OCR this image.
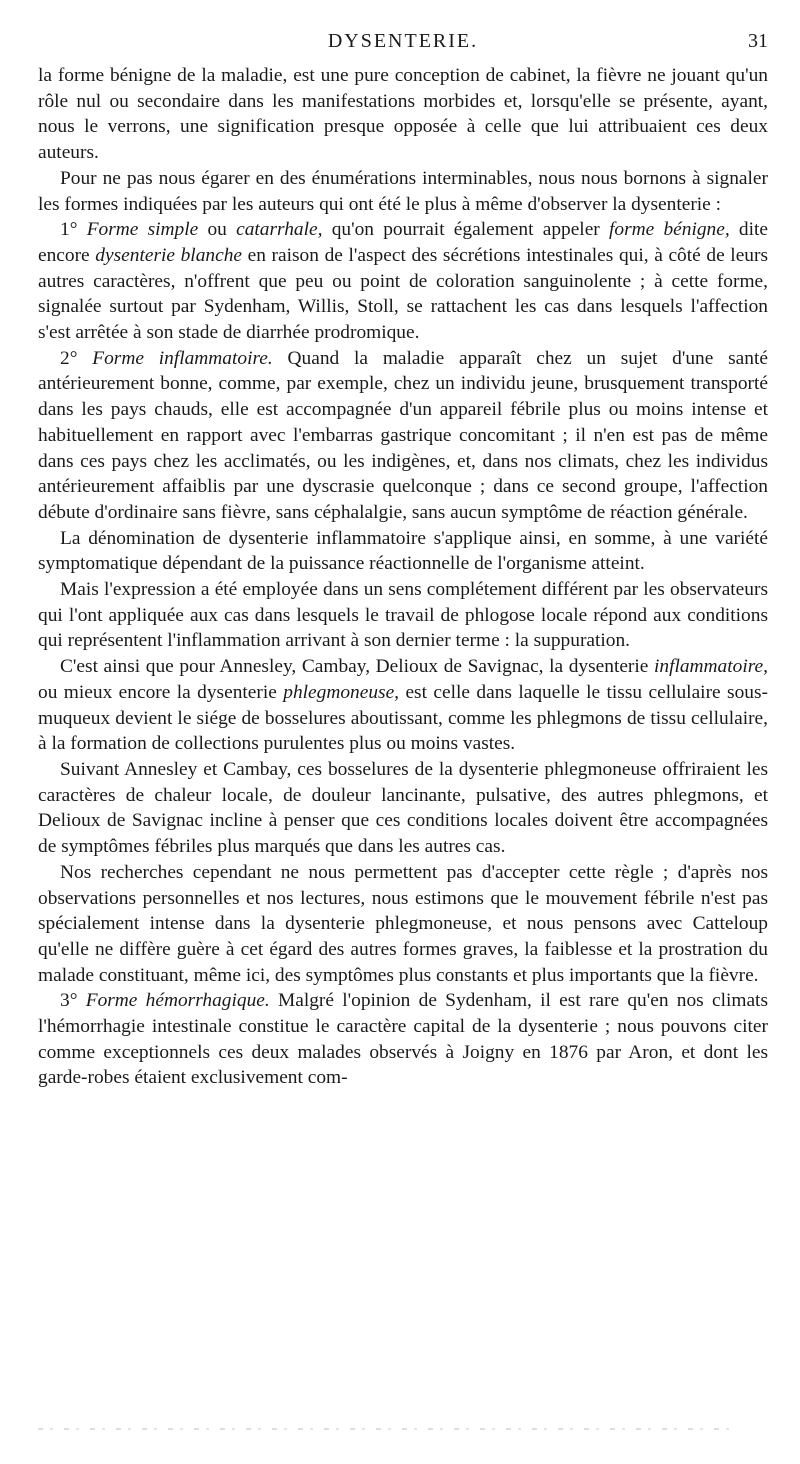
DYSENTERIE.	31

la forme bénigne de la maladie, est une pure conception de cabinet, la fièvre ne jouant qu'un rôle nul ou secondaire dans les manifestations morbides et, lorsqu'elle se présente, ayant, nous le verrons, une signification presque opposée à celle que lui attribuaient ces deux auteurs.

Pour ne pas nous égarer en des énumérations interminables, nous nous bornons à signaler les formes indiquées par les auteurs qui ont été le plus à même d'observer la dysenterie :

1° Forme simple ou catarrhale, qu'on pourrait également appeler forme bénigne, dite encore dysenterie blanche en raison de l'aspect des sécrétions intestinales qui, à côté de leurs autres caractères, n'offrent que peu ou point de coloration sanguinolente ; à cette forme, signalée surtout par Sydenham, Willis, Stoll, se rattachent les cas dans lesquels l'affection s'est arrêtée à son stade de diarrhée prodromique.

2° Forme inflammatoire. Quand la maladie apparaît chez un sujet d'une santé antérieurement bonne, comme, par exemple, chez un individu jeune, brusquement transporté dans les pays chauds, elle est accompagnée d'un appareil fébrile plus ou moins intense et habituellement en rapport avec l'embarras gastrique concomitant ; il n'en est pas de même dans ces pays chez les acclimatés, ou les indigènes, et, dans nos climats, chez les individus antérieurement affaiblis par une dyscrasie quelconque ; dans ce second groupe, l'affection débute d'ordinaire sans fièvre, sans céphalalgie, sans aucun symptôme de réaction générale.

La dénomination de dysenterie inflammatoire s'applique ainsi, en somme, à une variété symptomatique dépendant de la puissance réactionnelle de l'organisme atteint.

Mais l'expression a été employée dans un sens complétement différent par les observateurs qui l'ont appliquée aux cas dans lesquels le travail de phlogose locale répond aux conditions qui représentent l'inflammation arrivant à son dernier terme : la suppuration.

C'est ainsi que pour Annesley, Cambay, Delioux de Savignac, la dysenterie inflammatoire, ou mieux encore la dysenterie phlegmoneuse, est celle dans laquelle le tissu cellulaire sous-muqueux devient le siége de bosselures aboutissant, comme les phlegmons de tissu cellulaire, à la formation de collections purulentes plus ou moins vastes.

Suivant Annesley et Cambay, ces bosselures de la dysenterie phlegmoneuse offriraient les caractères de chaleur locale, de douleur lancinante, pulsative, des autres phlegmons, et Delioux de Savignac incline à penser que ces conditions locales doivent être accompagnées de symptômes fébriles plus marqués que dans les autres cas.

Nos recherches cependant ne nous permettent pas d'accepter cette règle ; d'après nos observations personnelles et nos lectures, nous estimons que le mouvement fébrile n'est pas spécialement intense dans la dysenterie phlegmoneuse, et nous pensons avec Catteloup qu'elle ne diffère guère à cet égard des autres formes graves, la faiblesse et la prostration du malade constituant, même ici, des symptômes plus constants et plus importants que la fièvre.

3° Forme hémorrhagique. Malgré l'opinion de Sydenham, il est rare qu'en nos climats l'hémorrhagie intestinale constitue le caractère capital de la dysenterie ; nous pouvons citer comme exceptionnels ces deux malades observés à Joigny en 1876 par Aron, et dont les garde-robes étaient exclusivement com-
